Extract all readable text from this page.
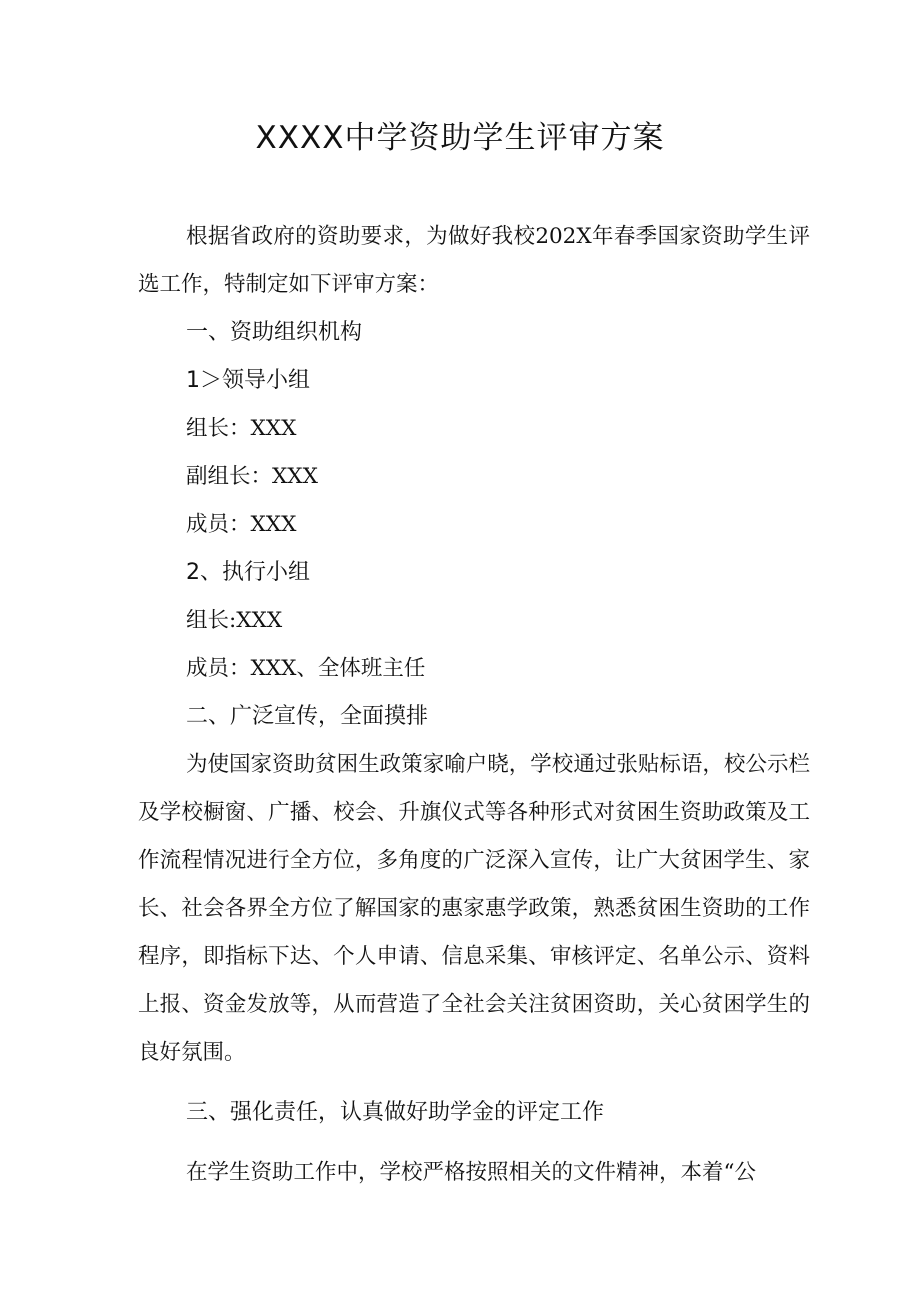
XXXX中学资助学生评审方案

根据省政府的资助要求，为做好我校202X年春季国家资助学生评选工作，特制定如下评审方案：

一、资助组织机构

1＞领导小组

组长：XXX

副组长：XXX

成员：XXX

2、执行小组

组长:XXX

成员：XXX、全体班主任

二、广泛宣传，全面摸排

为使国家资助贫困生政策家喻户晓，学校通过张贴标语，校公示栏及学校橱窗、广播、校会、升旗仪式等各种形式对贫困生资助政策及工作流程情况进行全方位，多角度的广泛深入宣传，让广大贫困学生、家长、社会各界全方位了解国家的惠家惠学政策，熟悉贫困生资助的工作程序，即指标下达、个人申请、信息采集、审核评定、名单公示、资料上报、资金发放等，从而营造了全社会关注贫困资助，关心贫困学生的良好氛围。

三、强化责任，认真做好助学金的评定工作

在学生资助工作中，学校严格按照相关的文件精神，本着“公
